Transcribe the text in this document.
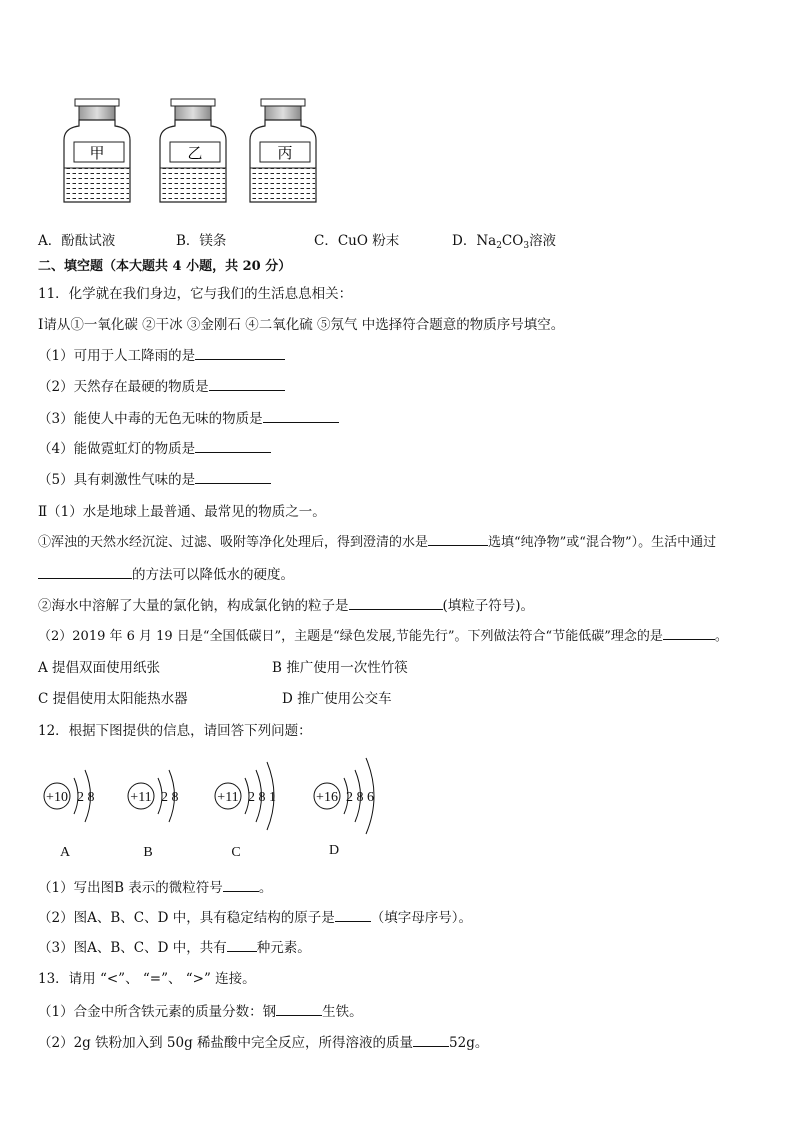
甲	乙	丙
A．酚酞试液	B．镁条	C．CuO 粉末	D．$Na_2CO_3$溶液
二、填空题（本大题共 4 小题，共 20 分）
11．化学就在我们身边，它与我们的生活息息相关：
Ⅰ请从①一氧化碳 ②干冰 ③金刚石 ④二氧化硫 ⑤氖气 中选择符合题意的物质序号填空。
（1）可用于人工降雨的是
（2）天然存在最硬的物质是
（3）能使人中毒的无色无味的物质是
（4）能做霓虹灯的物质是
（5）具有刺激性气味的是
Ⅱ（1）水是地球上最普通、最常见的物质之一。
①浑浊的天然水经沉淀、过滤、吸附等净化处理后，得到澄清的水是	选填“纯净物”或“混合物”）。生活中通过
的方法可以降低水的硬度。
②海水中溶解了大量的氯化钠，构成氯化钠的粒子是	(填粒子符号)。
（2）2019 年 6 月 19 日是“全国低碳日”，主题是“绿色发展,节能先行”。下列做法符合“节能低碳”理念的是	。
A 提倡双面使用纸张	B 推广使用一次性竹筷
C 提倡使用太阳能热水器	D 推广使用公交车
12．根据下图提供的信息，请回答下列问题：
+10 2 8
A
+11 2 8
B
+11 2 8 1
C
+16 2 8 6
D
（1）写出图B 表示的微粒符号	。
（2）图A、B、C、D 中，具有稳定结构的原子是	（填字母序号）。
（3）图A、B、C、D 中，共有 种元素。
13．请用 “<”、 “=”、 “>” 连接。
（1）合金中所含铁元素的质量分数：钢	生铁。
（2）2g 铁粉加入到 50g 稀盐酸中完全反应，所得溶液的质量	52g。
